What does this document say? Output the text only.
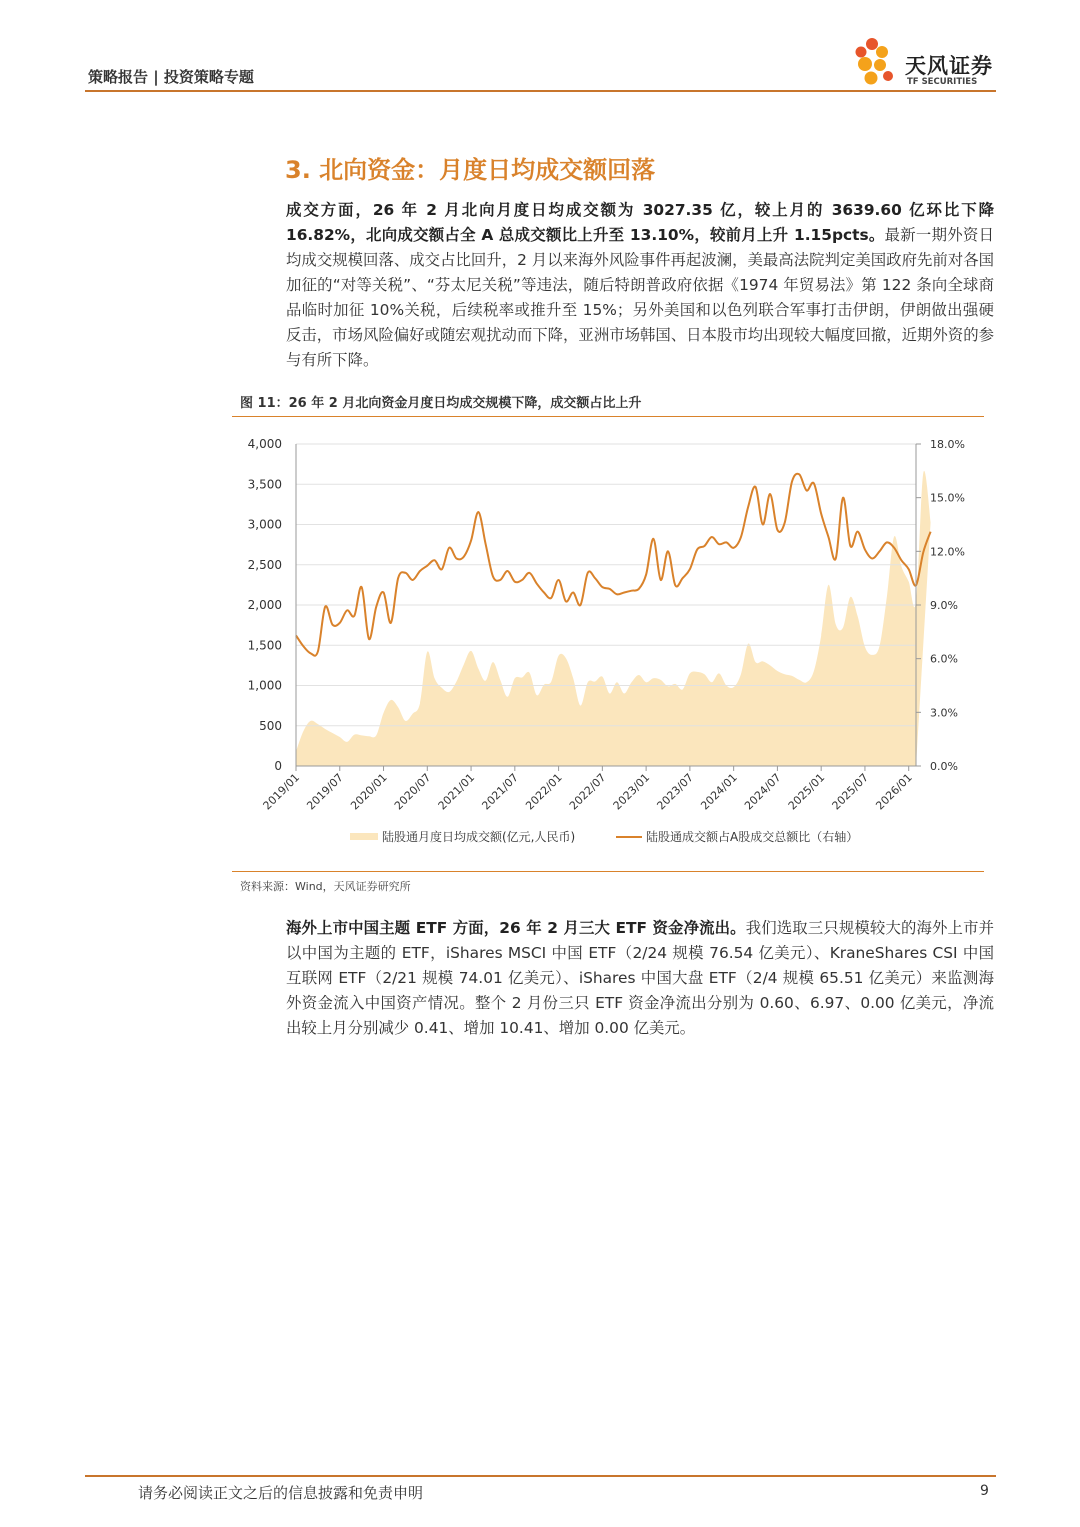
策略报告 | 投资策略专题	天风证券
TF SECURITIES
3. 北向资金：月度日均成交额回落
成交方面，26 年 2 月北向月度日均成交额为 3027.35 亿，较上月的 3639.60 亿环比下降 16.82%，北向成交额占全 A 总成交额比上升至 13.10%，较前月上升 1.15pcts。最新一期外资日均成交规模回落、成交占比回升，2 月以来海外风险事件再起波澜，美最高法院判定美国政府先前对各国加征的“对等关税”、“芬太尼关税”等违法，随后特朗普政府依据《1974 年贸易法》第 122 条向全球商品临时加征 10%关税，后续税率或推升至 15%；另外美国和以色列联合军事打击伊朗，伊朗做出强硬反击，市场风险偏好或随宏观扰动而下降，亚洲市场韩国、日本股市均出现较大幅度回撤，近期外资的参与有所下降。
图 11：26 年 2 月北向资金月度日均成交规模下降，成交额占比上升
0
500
1,000
1,500
2,000
2,500
3,000
3,500
4,000
0.0%
3.0%
6.0%
9.0%
12.0%
15.0%
18.0%
2019/01 2019/07 2020/01 2020/07 2021/01 2021/07 2022/01 2022/07 2023/01 2023/07 2024/01 2024/07 2025/01 2025/07 2026/01
陆股通月度日均成交额(亿元,人民币)	陆股通成交额占A股成交总额比（右轴）
资料来源：Wind，天风证券研究所
海外上市中国主题 ETF 方面，26 年 2 月三大 ETF 资金净流出。我们选取三只规模较大的海外上市并以中国为主题的 ETF，iShares MSCI 中国 ETF（2/24 规模 76.54 亿美元）、KraneShares CSI 中国互联网 ETF（2/21 规模 74.01 亿美元）、iShares 中国大盘 ETF（2/4 规模 65.51 亿美元）来监测海外资金流入中国资产情况。整个 2 月份三只 ETF 资金净流出分别为 0.60、6.97、0.00 亿美元，净流出较上月分别减少 0.41、增加 10.41、增加 0.00 亿美元。
请务必阅读正文之后的信息披露和免责申明	9
